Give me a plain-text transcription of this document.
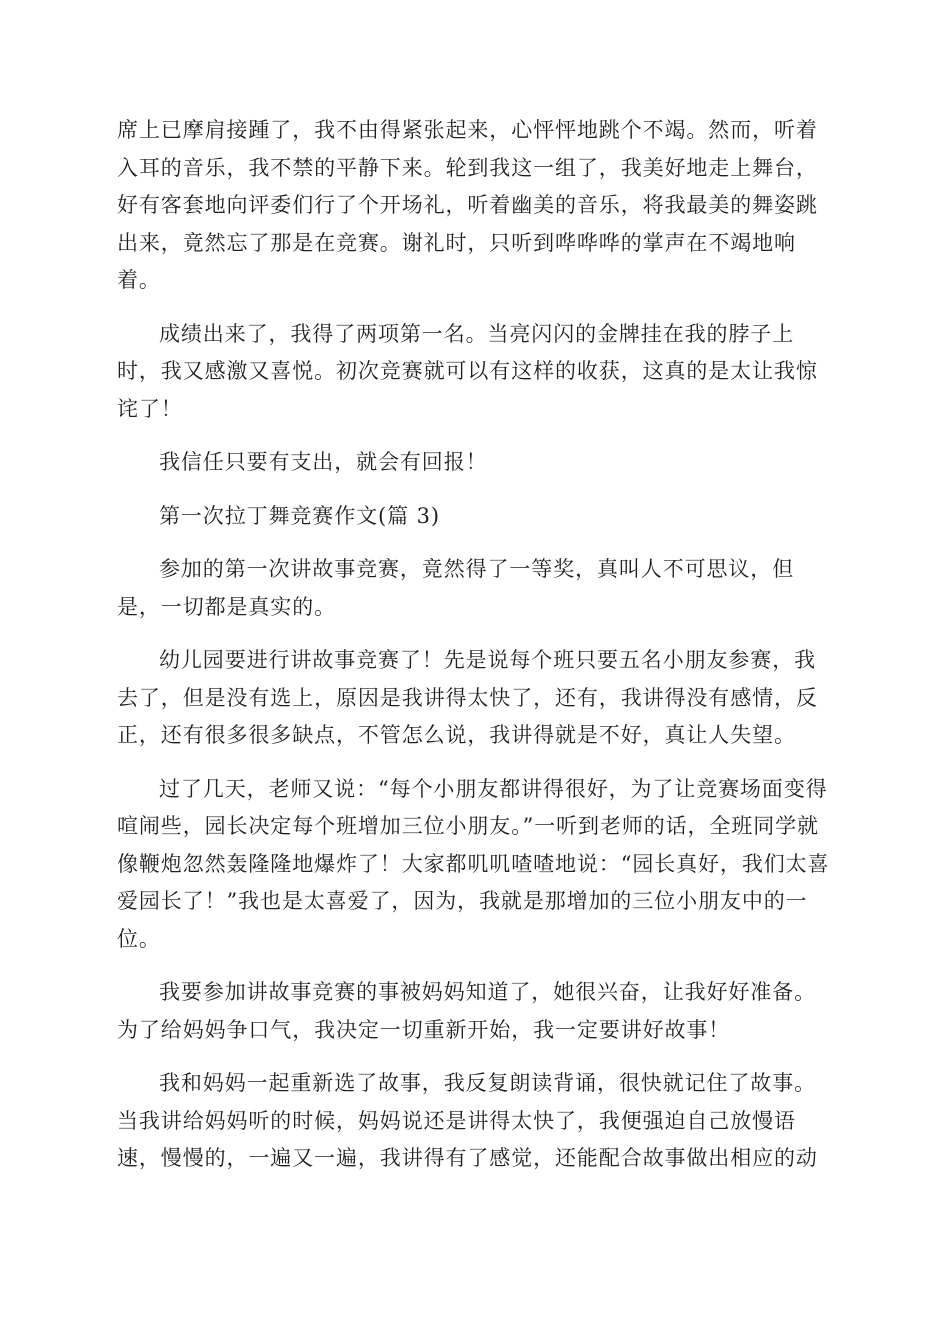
席上已摩肩接踵了，我不由得紧张起来，心怦怦地跳个不竭。然而，听着入耳的音乐，我不禁的平静下来。轮到我这一组了，我美好地走上舞台，好有客套地向评委们行了个开场礼，听着幽美的音乐，将我最美的舞姿跳出来，竟然忘了那是在竞赛。谢礼时，只听到哗哗哗的掌声在不竭地响着。

成绩出来了，我得了两项第一名。当亮闪闪的金牌挂在我的脖子上时，我又感激又喜悦。初次竞赛就可以有这样的收获，这真的是太让我惊诧了！

我信任只要有支出，就会有回报！

第一次拉丁舞竞赛作文(篇 3)

参加的第一次讲故事竞赛，竟然得了一等奖，真叫人不可思议，但是，一切都是真实的。

幼儿园要进行讲故事竞赛了！先是说每个班只要五名小朋友参赛，我去了，但是没有选上，原因是我讲得太快了，还有，我讲得没有感情，反正，还有很多很多缺点，不管怎么说，我讲得就是不好，真让人失望。

过了几天，老师又说：“每个小朋友都讲得很好，为了让竞赛场面变得喧闹些，园长决定每个班增加三位小朋友。”一听到老师的话，全班同学就像鞭炮忽然轰隆隆地爆炸了！大家都叽叽喳喳地说：“园长真好，我们太喜爱园长了！”我也是太喜爱了，因为，我就是那增加的三位小朋友中的一位。

我要参加讲故事竞赛的事被妈妈知道了，她很兴奋，让我好好准备。为了给妈妈争口气，我决定一切重新开始，我一定要讲好故事！

我和妈妈一起重新选了故事，我反复朗读背诵，很快就记住了故事。当我讲给妈妈听的时候，妈妈说还是讲得太快了，我便强迫自己放慢语速，慢慢的，一遍又一遍，我讲得有了感觉，还能配合故事做出相应的动
